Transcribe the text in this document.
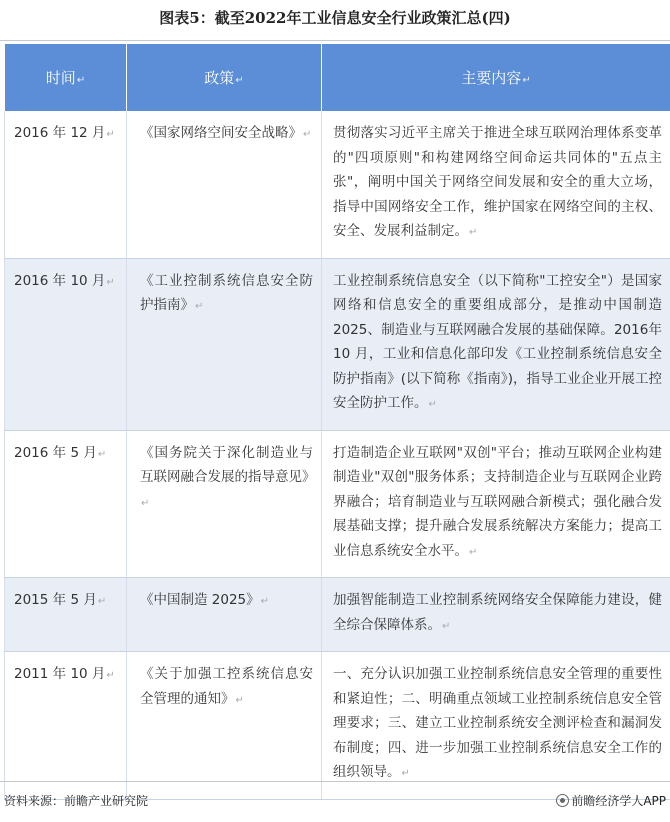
图表5：截至2022年工业信息安全行业政策汇总(四)
时间↵	政策↵	主要内容↵
2016 年 12 月↵	《国家网络空间安全战略》↵	贯彻落实习近平主席关于推进全球互联网治理体系变革的"四项原则"和构建网络空间命运共同体的"五点主张"，阐明中国关于网络空间发展和安全的重大立场，指导中国网络安全工作，维护国家在网络空间的主权、安全、发展利益制定。↵
2016 年 10 月↵	《工业控制系统信息安全防护指南》↵	工业控制系统信息安全（以下简称"工控安全"）是国家网络和信息安全的重要组成部分，是推动中国制造2025、制造业与互联网融合发展的基础保障。2016年 10 月，工业和信息化部印发《工业控制系统信息安全防护指南》(以下简称《指南》)，指导工业企业开展工控安全防护工作。↵
2016 年 5 月↵	《国务院关于深化制造业与互联网融合发展的指导意见》↵	打造制造企业互联网"双创"平台；推动互联网企业构建制造业"双创"服务体系；支持制造企业与互联网企业跨界融合；培育制造业与互联网融合新模式；强化融合发展基础支撑；提升融合发展系统解决方案能力；提高工业信息系统安全水平。↵
2015 年 5 月↵	《中国制造 2025》↵	加强智能制造工业控制系统网络安全保障能力建设，健全综合保障体系。↵
2011 年 10 月↵	《关于加强工控系统信息安全管理的通知》↵	一、充分认识加强工业控制系统信息安全管理的重要性和紧迫性；二、明确重点领域工业控制系统信息安全管理要求；三、建立工业控制系统安全测评检查和漏洞发布制度；四、进一步加强工业控制系统信息安全工作的组织领导。↵
资料来源：前瞻产业研究院	前瞻经济学人APP
